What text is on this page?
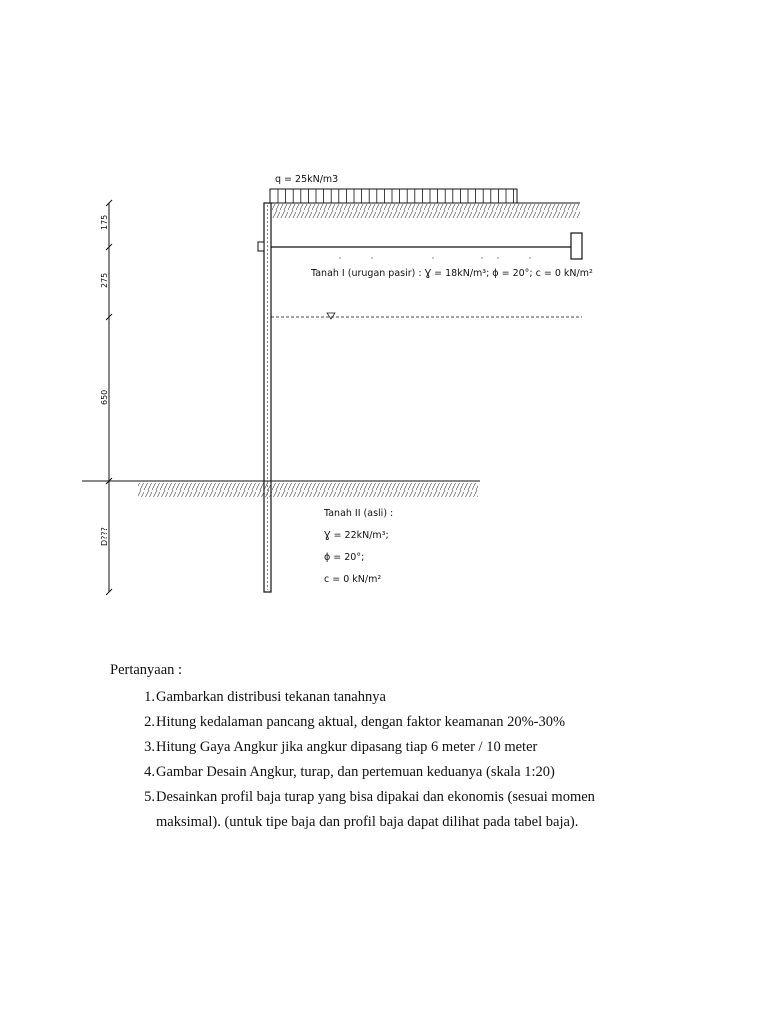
q = 25kN/m3
Tanah I (urugan pasir) : Ɣ = 18kN/m³; ϕ = 20°; c = 0 kN/m²
Tanah II (asli) :
Ɣ = 22kN/m³;
ϕ = 20°;
c = 0 kN/m²
175
275
650
D???
Pertanyaan :
1. Gambarkan distribusi tekanan tanahnya
2. Hitung kedalaman pancang aktual, dengan faktor keamanan 20%-30%
3. Hitung Gaya Angkur jika angkur dipasang tiap 6 meter / 10 meter
4. Gambar Desain Angkur, turap, dan pertemuan keduanya (skala 1:20)
5. Desainkan profil baja turap yang bisa dipakai dan ekonomis (sesuai momen
maksimal). (untuk tipe baja dan profil baja dapat dilihat pada tabel baja).
